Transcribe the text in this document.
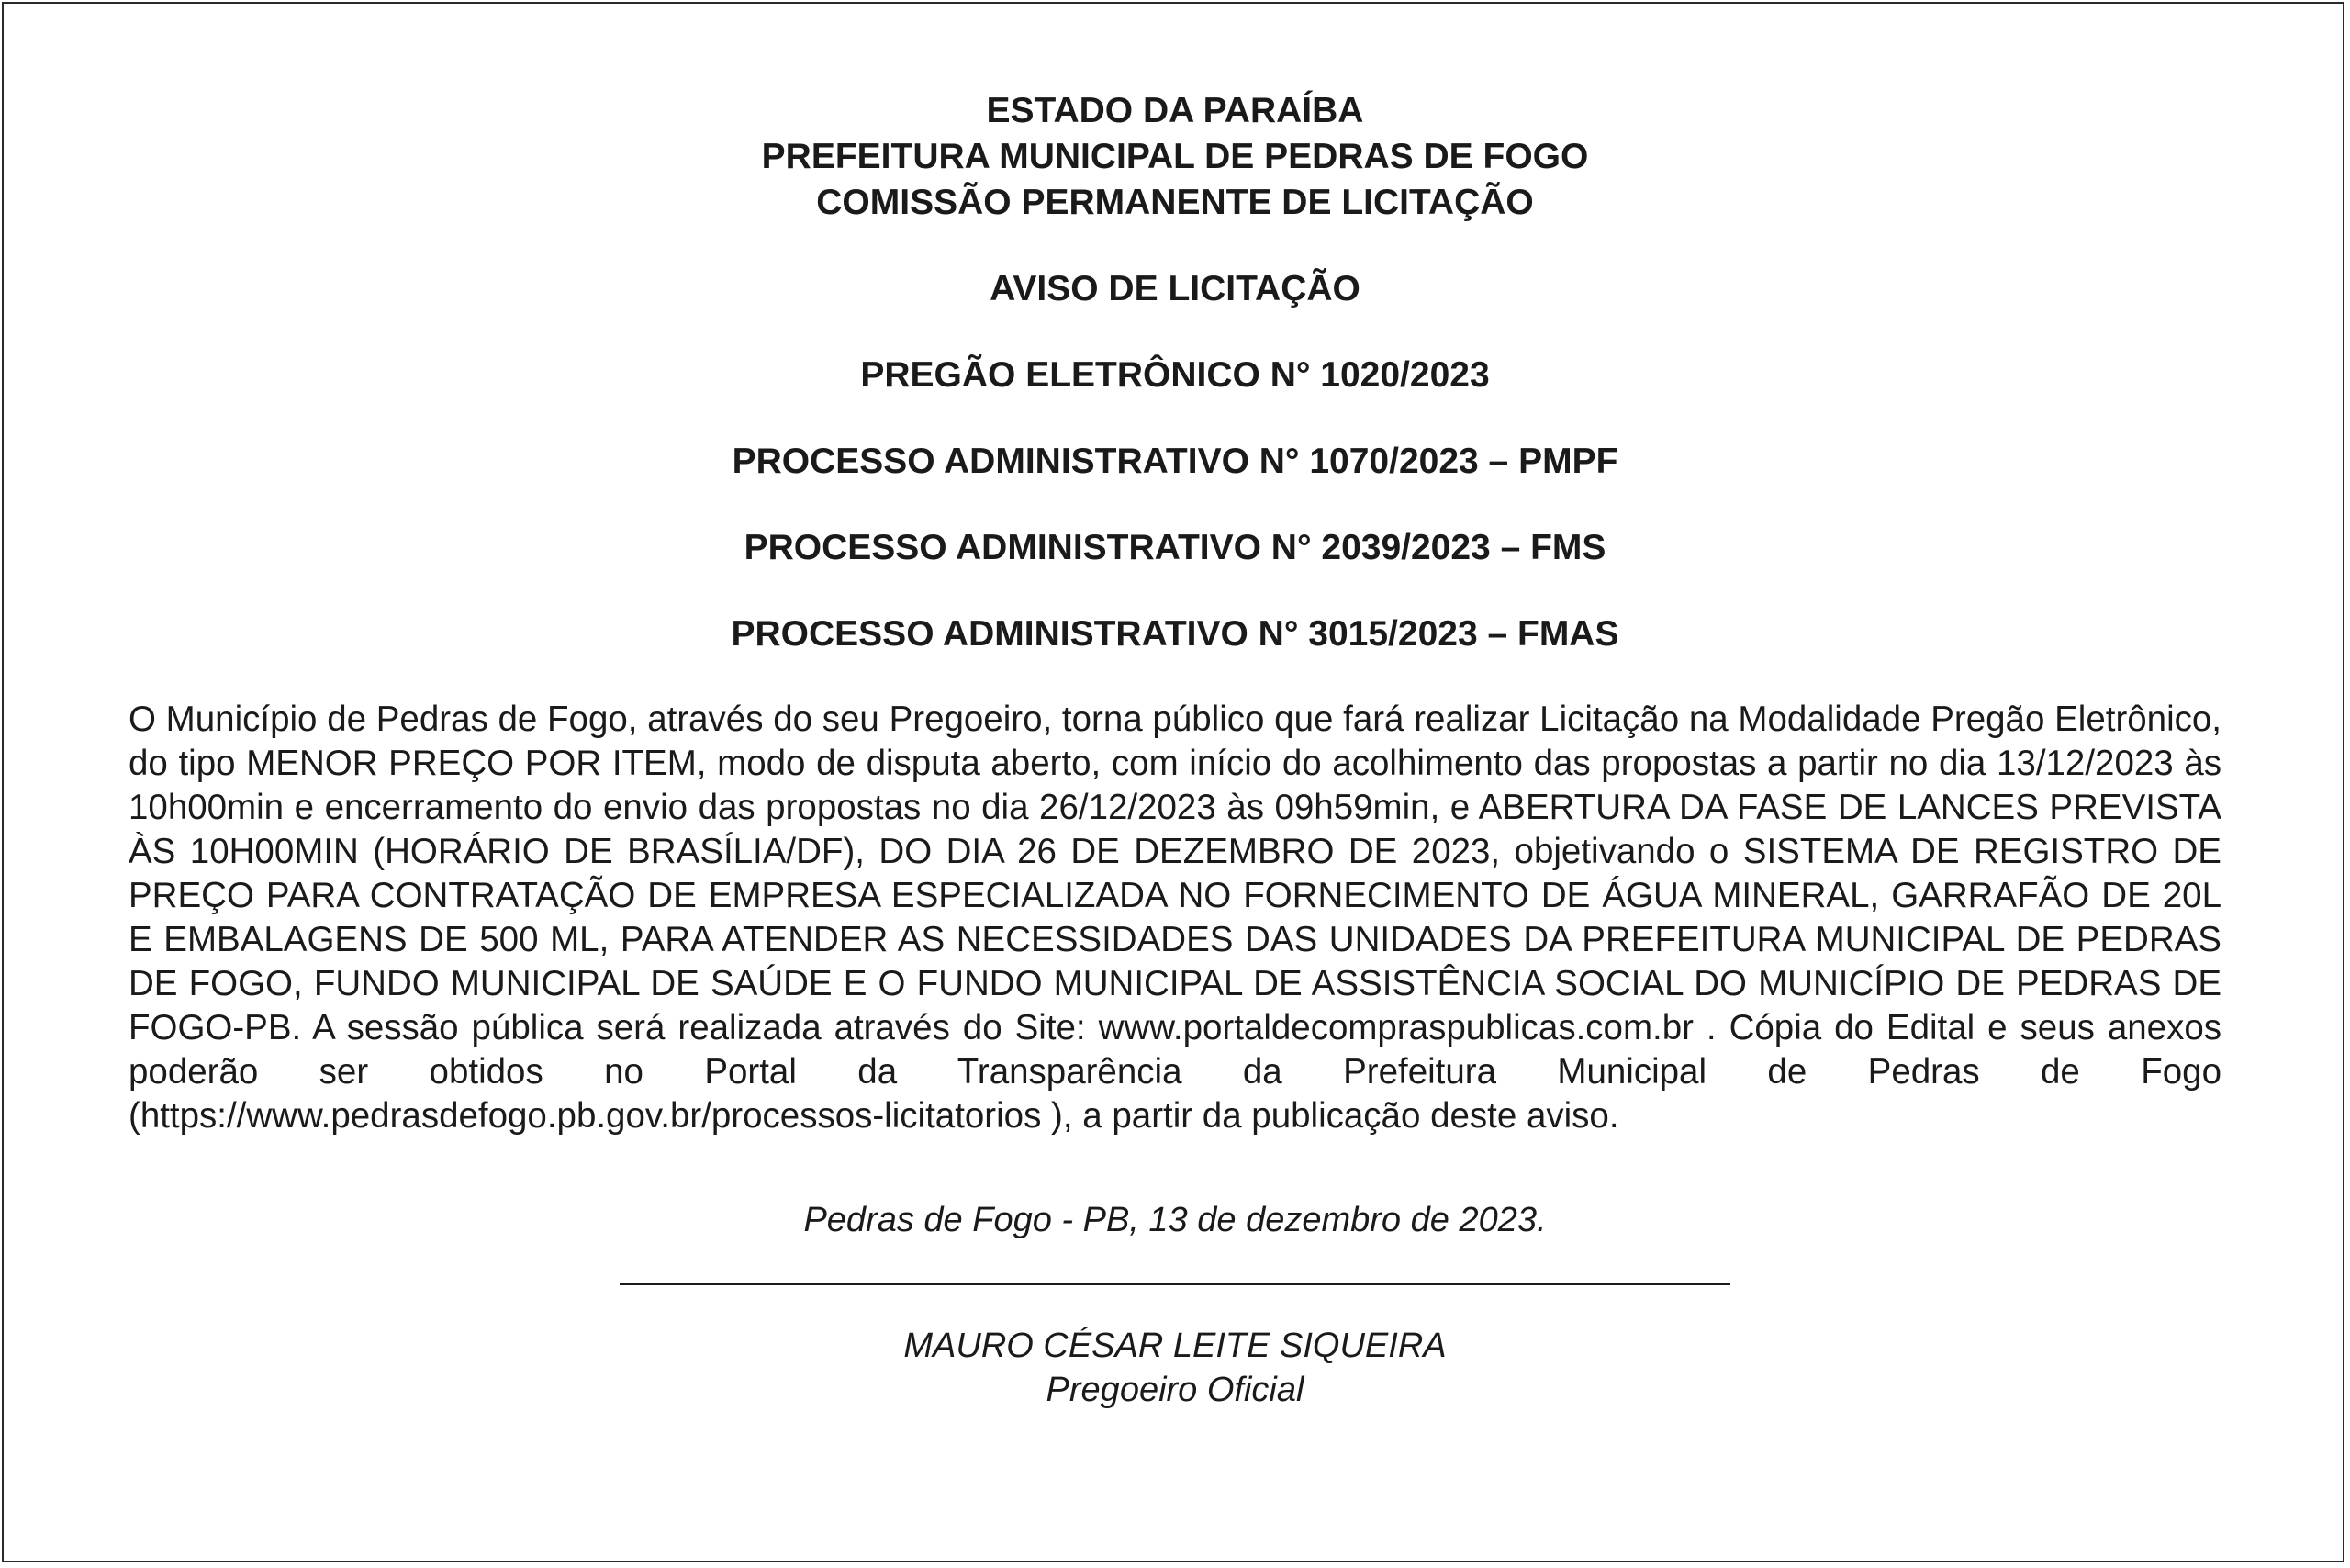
ESTADO DA PARAÍBA

PREFEITURA MUNICIPAL DE PEDRAS DE FOGO

COMISSÃO PERMANENTE DE LICITAÇÃO

AVISO DE LICITAÇÃO

PREGÃO ELETRÔNICO N° 1020/2023

PROCESSO ADMINISTRATIVO N° 1070/2023 – PMPF

PROCESSO ADMINISTRATIVO N° 2039/2023 – FMS

PROCESSO ADMINISTRATIVO N° 3015/2023 – FMAS

O Município de Pedras de Fogo, através do seu Pregoeiro, torna público que fará realizar Licitação na Modalidade Pregão Eletrônico, do tipo MENOR PREÇO POR ITEM, modo de disputa aberto, com início do acolhimento das propostas a partir no dia 13/12/2023 às 10h00min e encerramento do envio das propostas no dia 26/12/2023 às 09h59min, e ABERTURA DA FASE DE LANCES PREVISTA ÀS 10H00MIN (HORÁRIO DE BRASÍLIA/DF), DO DIA 26 DE DEZEMBRO DE 2023, objetivando o SISTEMA DE REGISTRO DE PREÇO PARA CONTRATAÇÃO DE EMPRESA ESPECIALIZADA NO FORNECIMENTO DE ÁGUA MINERAL, GARRAFÃO DE 20L E EMBALAGENS DE 500 ML, PARA ATENDER AS NECESSIDADES DAS UNIDADES DA PREFEITURA MUNICIPAL DE PEDRAS DE FOGO, FUNDO MUNICIPAL DE SAÚDE E O FUNDO MUNICIPAL DE ASSISTÊNCIA SOCIAL DO MUNICÍPIO DE PEDRAS DE FOGO-PB. A sessão pública será realizada através do Site: www.portaldecompraspublicas.com.br . Cópia do Edital e seus anexos poderão ser obtidos no Portal da Transparência da Prefeitura Municipal de Pedras de Fogo (https://www.pedrasdefogo.pb.gov.br/processos-licitatorios ), a partir da publicação deste aviso.

Pedras de Fogo - PB, 13 de dezembro de 2023.

MAURO CÉSAR LEITE SIQUEIRA

Pregoeiro Oficial
